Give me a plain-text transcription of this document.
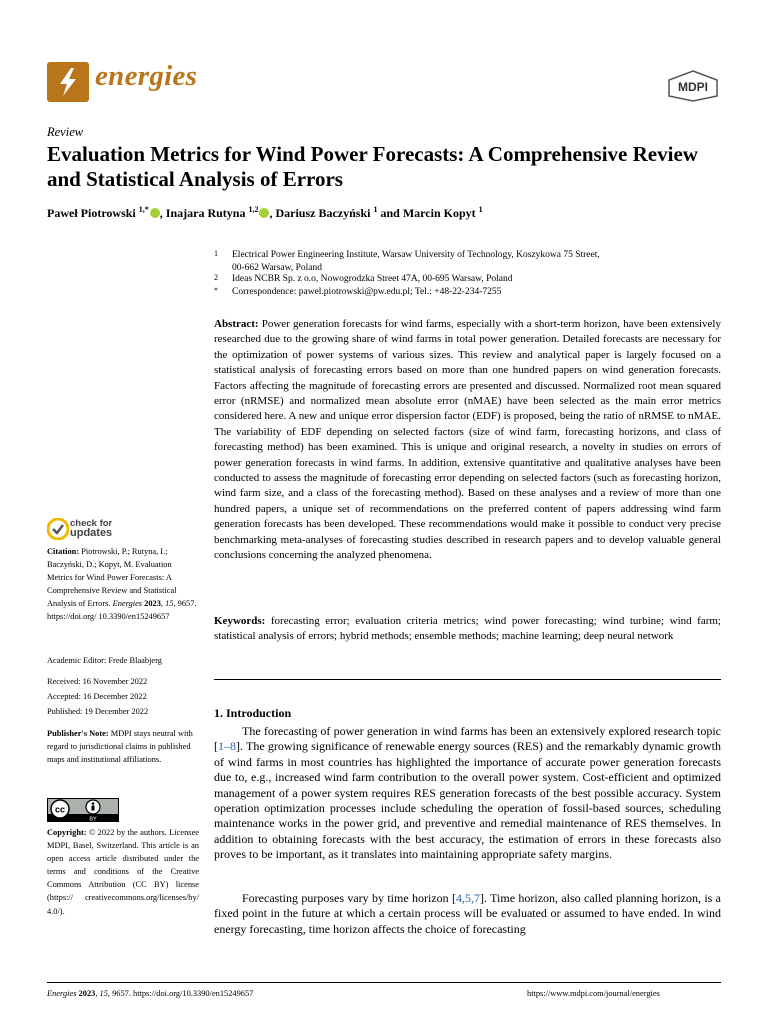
energies	MDPI
Review
Evaluation Metrics for Wind Power Forecasts: A Comprehensive Review and Statistical Analysis of Errors
Paweł Piotrowski $^{1,*}$ , Inajara Rutyna $^{1,2}$ , Dariusz Baczyński $^1$ and Marcin Kopyt $^1$
1 Electrical Power Engineering Institute, Warsaw University of Technology, Koszykowa 75 Street,
00-662 Warsaw, Poland
2 Ideas NCBR Sp. z o.o, Nowogrodzka Street 47A, 00-695 Warsaw, Poland
* Correspondence: pawel.piotrowski@pw.edu.pl; Tel.: +48-22-234-7255
Abstract: Power generation forecasts for wind farms, especially with a short-term horizon, have been extensively researched due to the growing share of wind farms in total power generation. Detailed forecasts are necessary for the optimization of power systems of various sizes. This review and analytical paper is largely focused on a statistical analysis of forecasting errors based on more than one hundred papers on wind generation forecasts. Factors affecting the magnitude of forecasting errors are presented and discussed. Normalized root mean squared error (nRMSE) and normalized mean absolute error (nMAE) have been selected as the main error metrics considered here. A new and unique error dispersion factor (EDF) is proposed, being the ratio of nRMSE to nMAE. The variability of EDF depending on selected factors (size of wind farm, forecasting horizons, and class of forecasting method) has been examined. This is unique and original research, a novelty in studies on errors of power generation forecasts in wind farms. In addition, extensive quantitative and qualitative analyses have been conducted to assess the magnitude of forecasting error depending on selected factors (such as forecasting horizon, wind farm size, and a class of the forecasting method). Based on these analyses and a review of more than one hundred papers, a unique set of recommendations on the preferred content of papers addressing wind farm generation forecasts has been developed. These recommendations would make it possible to conduct very precise benchmarking meta-analyses of forecasting studies described in research papers and to develop valuable general conclusions concerning the analyzed phenomena.
Keywords: forecasting error; evaluation criteria metrics; wind power forecasting; wind turbine; wind farm; statistical analysis of errors; hybrid methods; ensemble methods; machine learning; deep neural network
1. Introduction
The forecasting of power generation in wind farms has been an extensively explored research topic [1–8]. The growing significance of renewable energy sources (RES) and the remarkably dynamic growth of wind farms in most countries has highlighted the importance of accurate power generation forecasts due to, e.g., increased wind farm contribution to the overall power system. Cost-efficient and optimized management of a power system requires RES generation forecasts of the best possible accuracy. System operation optimization processes include scheduling the operation of fossil-based sources, scheduling maintenance works in the power grid, and preventive and remedial maintenance of RES themselves. In addition to obtaining forecasts with the best accuracy, the estimation of errors in these forecasts also proves to be important, as it translates into maintaining appropriate safety margins.
Forecasting purposes vary by time horizon [4,5,7]. Time horizon, also called planning horizon, is a fixed point in the future at which a certain process will be evaluated or assumed to have ended. In wind energy forecasting, time horizon affects the choice of forecasting
check for
updates
Citation: Piotrowski, P.; Rutyna, I.; Baczyński, D.; Kopyt, M. Evaluation Metrics for Wind Power Forecasts: A Comprehensive Review and Statistical Analysis of Errors. Energies 2023, 15, 9657. https://doi.org/ 10.3390/en15249657
Academic Editor: Frede Blaabjerg
Received: 16 November 2022
Accepted: 16 December 2022
Published: 19 December 2022
Publisher's Note: MDPI stays neutral with regard to jurisdictional claims in published maps and institutional affiliations.
cc
BY
Copyright: © 2022 by the authors. Licensee MDPI, Basel, Switzerland. This article is an open access article distributed under the terms and conditions of the Creative Commons Attribution (CC BY) license (https:// creativecommons.org/licenses/by/ 4.0/).
Energies 2023, 15, 9657. https://doi.org/10.3390/en15249657	https://www.mdpi.com/journal/energies
